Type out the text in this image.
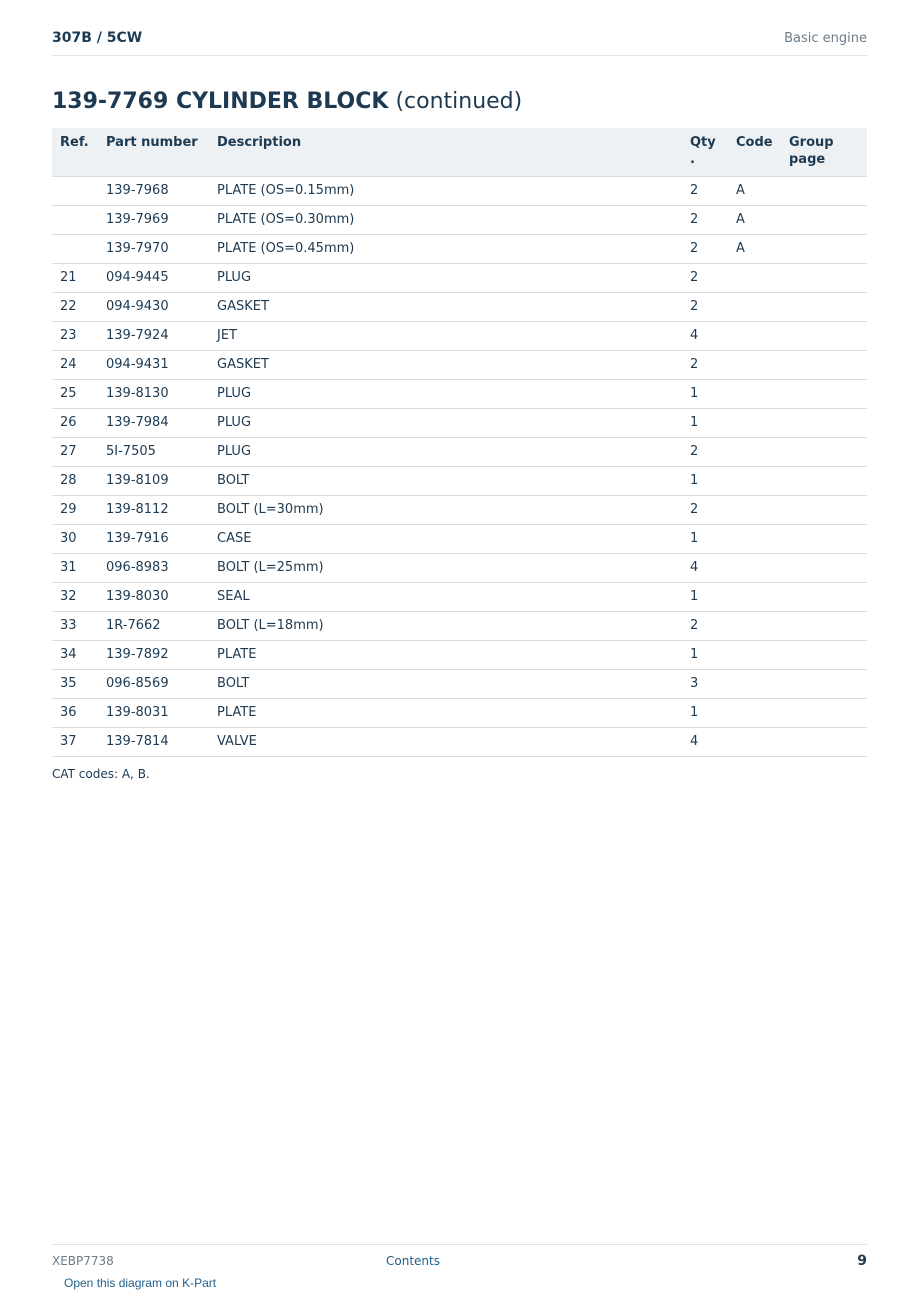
307B / 5CW	Basic engine
139-7769 CYLINDER BLOCK (continued)
Ref.	Part number	Description	Qty .	Code	Group page
	139-7968	PLATE (OS=0.15mm)	2	A	
	139-7969	PLATE (OS=0.30mm)	2	A	
	139-7970	PLATE (OS=0.45mm)	2	A	
21	094-9445	PLUG	2		
22	094-9430	GASKET	2		
23	139-7924	JET	4		
24	094-9431	GASKET	2		
25	139-8130	PLUG	1		
26	139-7984	PLUG	1		
27	5I-7505	PLUG	2		
28	139-8109	BOLT	1		
29	139-8112	BOLT (L=30mm)	2		
30	139-7916	CASE	1		
31	096-8983	BOLT (L=25mm)	4		
32	139-8030	SEAL	1		
33	1R-7662	BOLT (L=18mm)	2		
34	139-7892	PLATE	1		
35	096-8569	BOLT	3		
36	139-8031	PLATE	1		
37	139-7814	VALVE	4		
CAT codes: A, B.
XEBP7738	Contents	9
Open this diagram on K-Part
